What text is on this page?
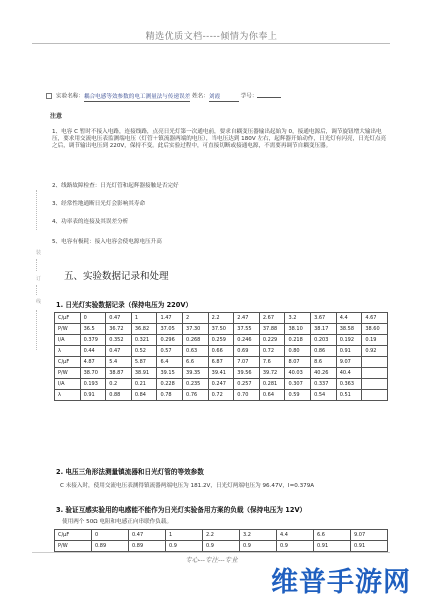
精选优质文档-----倾情为你奉上
实验名称：耦合电感等效参数的电工测量法与传递误差 姓名：刘霞	学号：
注意
1、电容 C 暂时不接入电路，连接线路，点亮日光灯第一次通电前，要求自耦变压器输出起始为 0，接通电源后，调节旋钮增大输出电压，要求用交流电压表监测端电压（灯管＋镇流器两端的电压），当电压达到 180V 左右，起辉器开始动作，日光灯有闪亮，日光灯点亮之后，调节输出电压到 220V，保持不变。此后实验过程中，可直接切断或接通电源，不需要再调节自耦变压器。
2、线路故障检查：日光灯管和起辉器接触是否完好
3、经常性地通断日光灯会影响其寿命
4、功率表的连接及其误差分析
5、电容有极耗：接入电容会使电源电压升高
装
订
线
五、实验数据记录和处理
1. 日光灯实验数据记录（保持电压为 220V）
C/μF	0	0.47	1	1.47	2	2.2	2.47	2.67	3.2	3.67	4.4	4.67
P/W	36.5	36.72	36.82	37.05	37.30	37.50	37.55	37.88	38.10	38.17	38.58	38.60
I/A	0.379	0.352	0.321	0.296	0.268	0.259	0.246	0.229	0.218	0.203	0.192	0.19
λ	0.44	0.47	0.52	0.57	0.63	0.66	0.69	0.72	0.80	0.86	0.91	0.92
C/μF	4.87	5.4	5.87	6.4	6.6	6.87	7.07	7.6	8.07	8.6	9.07	
P/W	38.70	38.87	38.91	39.15	39.35	39.41	39.56	39.72	40.03	40.26	40.4	
I/A	0.193	0.2	0.21	0.228	0.235	0.247	0.257	0.281	0.307	0.337	0.363	
λ	0.91	0.88	0.84	0.78	0.76	0.72	0.70	0.64	0.59	0.54	0.51	
2. 电压三角形法测量镇流器和日光灯管的等效参数
C 未接入时，使用交流电压表测得镇流器两端电压为 181.2V，日光灯两端电压为 96.47V，I=0.379A
3. 验证互感实验用的电感能不能作为日光灯实验备用方案的负载（保持电压为 12V）
使用两个 50Ω 电阻和电感正向串联作负载。
C/μF	0	0.47	1	2.2	3.2	4.4	6.6	9.07
P/W	0.89	0.89	0.9	0.9	0.9	0.9	0.91	0.91
专心---专注---专业
维普手游网
